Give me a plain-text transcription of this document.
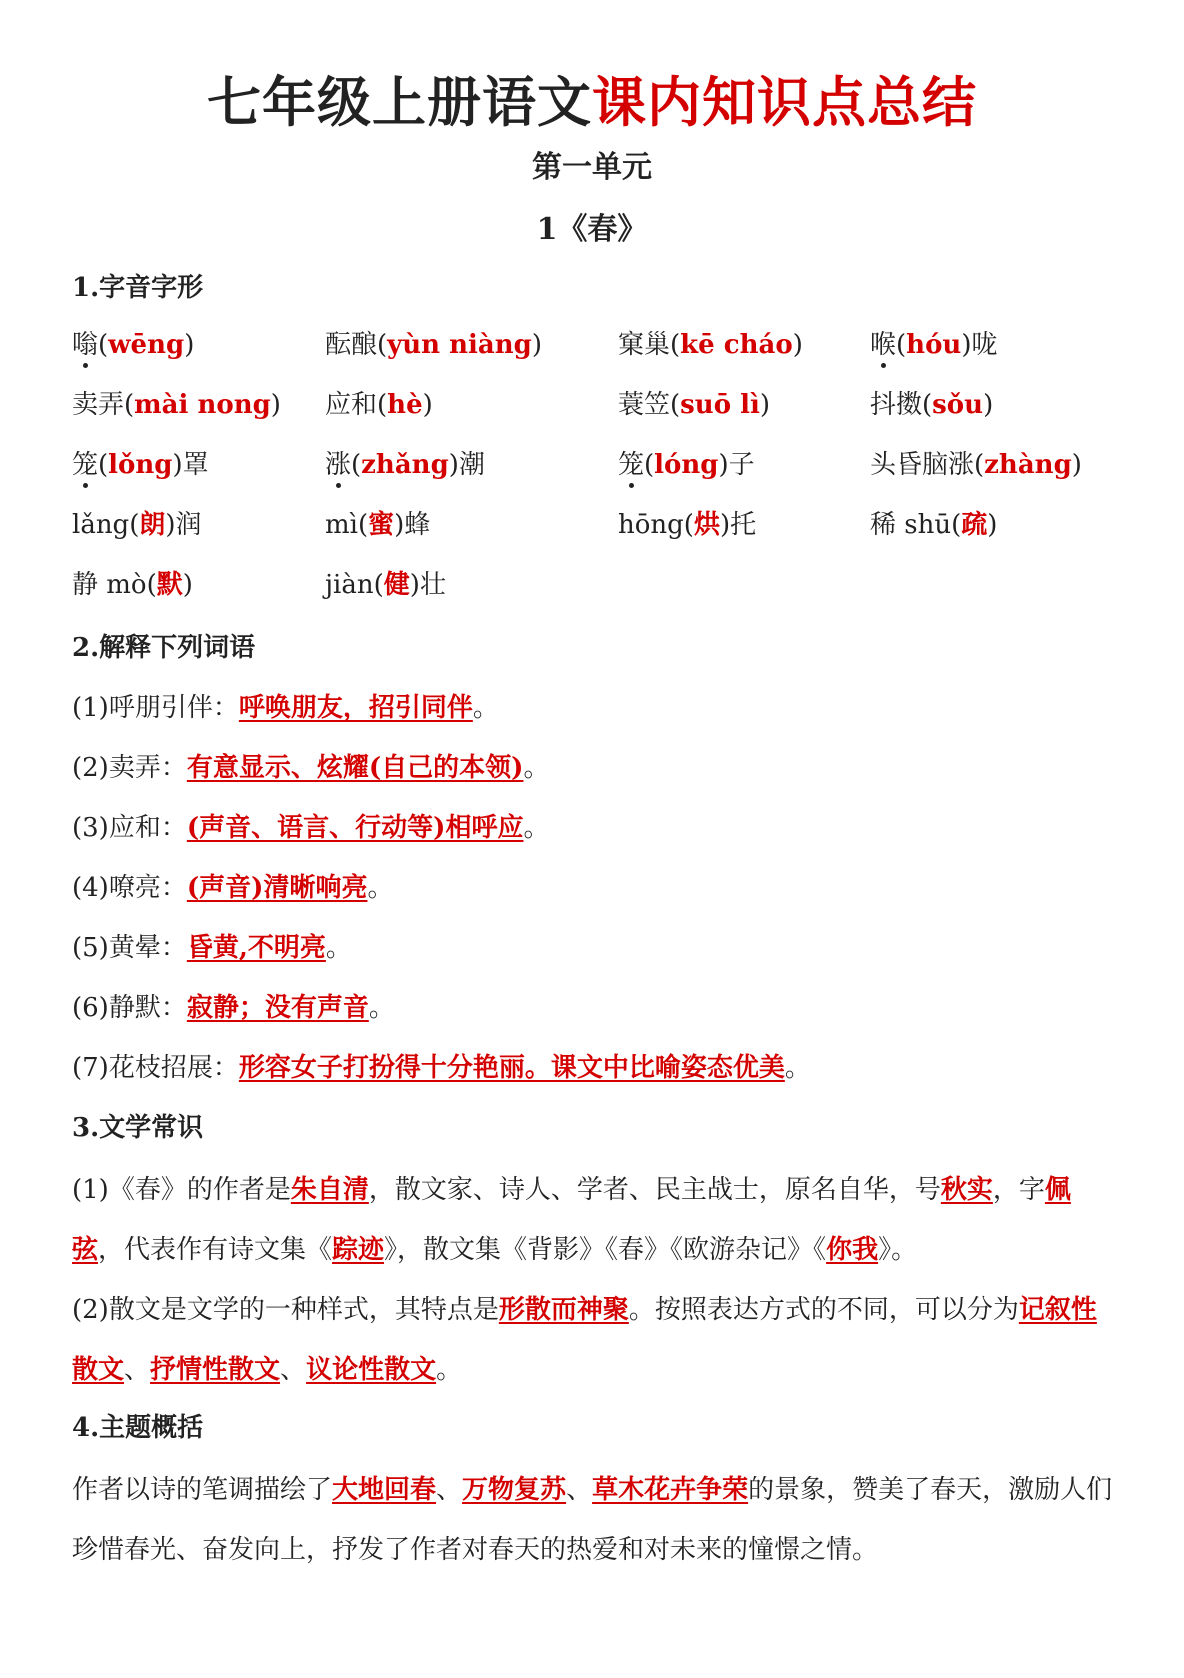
七年级上册语文课内知识点总结
第一单元
1《春》
1.字音字形
嗡(wēng)	酝酿(yùn niàng)	窠巢(kē cháo)	喉(hóu)咙
卖弄(mài nong) 应和(hè)	蓑笠(suō lì)	抖擞(sǒu)
笼(lǒng)罩	涨(zhǎng)潮	笼(lóng)子	头昏脑涨(zhàng)
lǎng(朗)润	mì(蜜)蜂	hōng(烘)托	稀 shū(疏)
静 mò(默)	jiàn(健)壮
2.解释下列词语
(1)呼朋引伴：呼唤朋友，招引同伴。
(2)卖弄：有意显示、炫耀(自己的本领)。
(3)应和：(声音、语言、行动等)相呼应。
(4)嘹亮：(声音)清晰响亮。
(5)黄晕：昏黄,不明亮。
(6)静默：寂静；没有声音。
(7)花枝招展：形容女子打扮得十分艳丽。课文中比喻姿态优美。
3.文学常识
(1)《春》的作者是朱自清，散文家、诗人、学者、民主战士，原名自华，号秋实，字佩弦，代表作有诗文集《踪迹》，散文集《背影》《春》《欧游杂记》《你我》。
(2)散文是文学的一种样式，其特点是形散而神聚。按照表达方式的不同，可以分为记叙性散文、抒情性散文、议论性散文。
4.主题概括
作者以诗的笔调描绘了大地回春、万物复苏、草木花卉争荣的景象，赞美了春天，激励人们珍惜春光、奋发向上，抒发了作者对春天的热爱和对未来的憧憬之情。
